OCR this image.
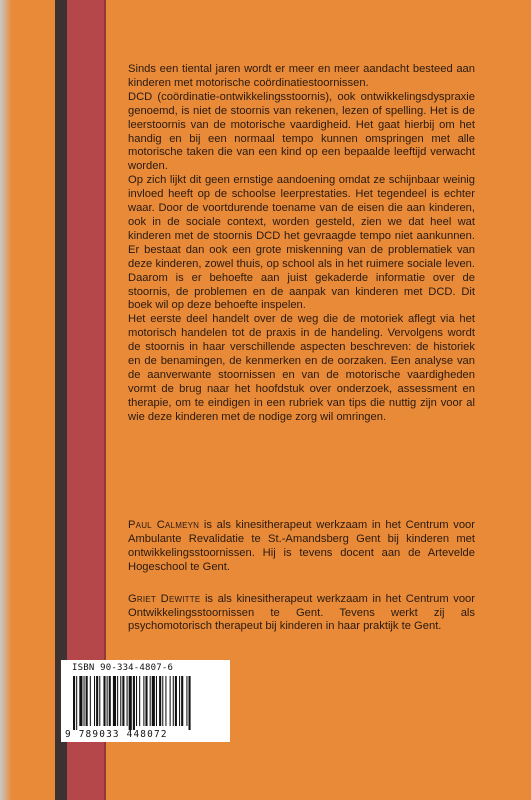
Sinds een tiental jaren wordt er meer en meer aandacht besteed aan kinderen met motorische coördinatiestoornissen.

DCD (coördinatie-ontwikkelingsstoornis), ook ontwikkelingsdyspraxie genoemd, is niet de stoornis van rekenen, lezen of spelling. Het is de leerstoornis van de motorische vaardigheid. Het gaat hierbij om het handig en bij een normaal tempo kunnen omspringen met alle motorische taken die van een kind op een bepaalde leeftijd verwacht worden.

Op zich lijkt dit geen ernstige aandoening omdat ze schijnbaar weinig invloed heeft op de schoolse leerprestaties. Het tegendeel is echter waar. Door de voortdurende toename van de eisen die aan kinderen, ook in de sociale context, worden gesteld, zien we dat heel wat kinderen met de stoornis DCD het gevraagde tempo niet aankunnen. Er bestaat dan ook een grote miskenning van de problematiek van deze kinderen, zowel thuis, op school als in het ruimere sociale leven. Daarom is er behoefte aan juist gekaderde informatie over de stoornis, de problemen en de aanpak van kinderen met DCD. Dit boek wil op deze behoefte inspelen.

Het eerste deel handelt over de weg die de motoriek aflegt via het motorisch handelen tot de praxis in de handeling. Vervolgens wordt de stoornis in haar verschillende aspecten beschreven: de historiek en de benamingen, de kenmerken en de oorzaken. Een analyse van de aanverwante stoornissen en van de motorische vaardigheden vormt de brug naar het hoofdstuk over onderzoek, assessment en therapie, om te eindigen in een rubriek van tips die nuttig zijn voor al wie deze kinderen met de nodige zorg wil omringen.

Paul Calmeyn is als kinesitherapeut werkzaam in het Centrum voor Ambulante Revalidatie te St.-Amandsberg Gent bij kinderen met ontwikkelingsstoornissen. Hij is tevens docent aan de Artevelde Hogeschool te Gent.

Griet Dewitte is als kinesitherapeut werkzaam in het Centrum voor Ontwikkelingsstoornissen te Gent. Tevens werkt zij als psychomotorisch therapeut bij kinderen in haar praktijk te Gent.

ISBN 90-334-4807-6
9 789033 448072
